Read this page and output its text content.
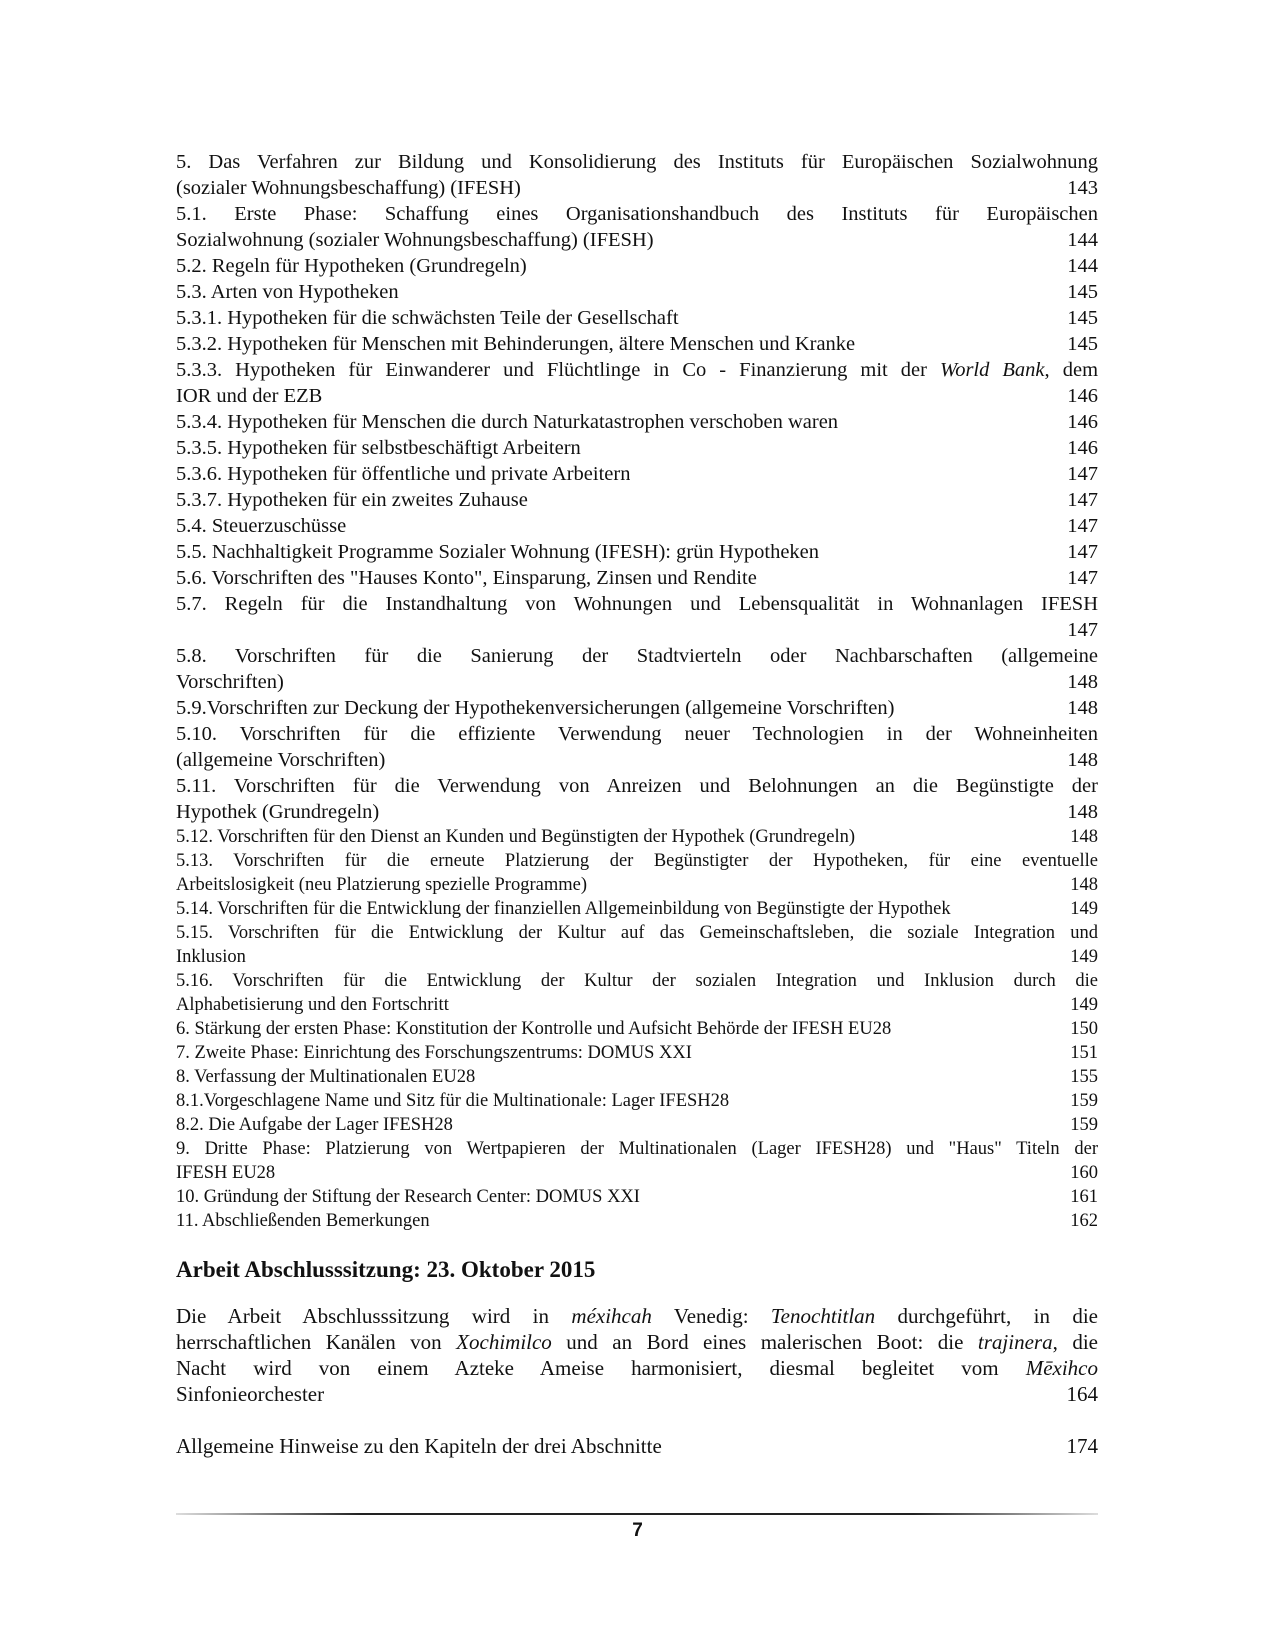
5. Das Verfahren zur Bildung und Konsolidierung des Instituts für Europäischen Sozialwohnung
(sozialer Wohnungsbeschaffung) (IFESH)	143
5.1. Erste Phase: Schaffung eines Organisationshandbuch des Instituts für Europäischen
Sozialwohnung (sozialer Wohnungsbeschaffung) (IFESH)	144
5.2. Regeln für Hypotheken (Grundregeln)	144
5.3. Arten von Hypotheken	145
5.3.1. Hypotheken für die schwächsten Teile der Gesellschaft	145
5.3.2. Hypotheken für Menschen mit Behinderungen, ältere Menschen und Kranke	145
5.3.3. Hypotheken für Einwanderer und Flüchtlinge in Co - Finanzierung mit der World Bank, dem
IOR und der EZB	146
5.3.4. Hypotheken für Menschen die durch Naturkatastrophen verschoben waren	146
5.3.5. Hypotheken für selbstbeschäftigt Arbeitern	146
5.3.6. Hypotheken für öffentliche und private Arbeitern	147
5.3.7. Hypotheken für ein zweites Zuhause	147
5.4. Steuerzuschüsse	147
5.5. Nachhaltigkeit Programme Sozialer Wohnung (IFESH): grün Hypotheken	147
5.6. Vorschriften des "Hauses Konto", Einsparung, Zinsen und Rendite	147
5.7. Regeln für die Instandhaltung von Wohnungen und Lebensqualität in Wohnanlagen IFESH
147
5.8. Vorschriften für die Sanierung der Stadtvierteln oder Nachbarschaften (allgemeine
Vorschriften)	148
5.9.Vorschriften zur Deckung der Hypothekenversicherungen (allgemeine Vorschriften)	148
5.10. Vorschriften für die effiziente Verwendung neuer Technologien in der Wohneinheiten
(allgemeine Vorschriften)	148
5.11. Vorschriften für die Verwendung von Anreizen und Belohnungen an die Begünstigte der
Hypothek (Grundregeln)	148
5.12. Vorschriften für den Dienst an Kunden und Begünstigten der Hypothek (Grundregeln)	148
5.13. Vorschriften für die erneute Platzierung der Begünstigter der Hypotheken, für eine eventuelle
Arbeitslosigkeit (neu Platzierung spezielle Programme)	148
5.14. Vorschriften für die Entwicklung der finanziellen Allgemeinbildung von Begünstigte der Hypothek	149
5.15. Vorschriften für die Entwicklung der Kultur auf das Gemeinschaftsleben, die soziale Integration und
Inklusion	149
5.16. Vorschriften für die Entwicklung der Kultur der sozialen Integration und Inklusion durch die
Alphabetisierung und den Fortschritt	149
6. Stärkung der ersten Phase: Konstitution der Kontrolle und Aufsicht Behörde der IFESH EU28	150
7. Zweite Phase: Einrichtung des Forschungszentrums: DOMUS XXI	151
8. Verfassung der Multinationalen EU28	155
8.1.Vorgeschlagene Name und Sitz für die Multinationale: Lager IFESH28	159
8.2. Die Aufgabe der Lager IFESH28	159
9. Dritte Phase: Platzierung von Wertpapieren der Multinationalen (Lager IFESH28) und "Haus" Titeln der
IFESH EU28	160
10. Gründung der Stiftung der Research Center: DOMUS XXI	161
11. Abschließenden Bemerkungen	162
Arbeit Abschlusssitzung: 23. Oktober 2015
Die Arbeit Abschlusssitzung wird in méxihcah Venedig: Tenochtitlan durchgeführt, in die
herrschaftlichen Kanälen von Xochimilco und an Bord eines malerischen Boot: die trajinera, die
Nacht wird von einem Azteke Ameise harmonisiert, diesmal begleitet vom Mēxihco
Sinfonieorchester	164
Allgemeine Hinweise zu den Kapiteln der drei Abschnitte	174
7
